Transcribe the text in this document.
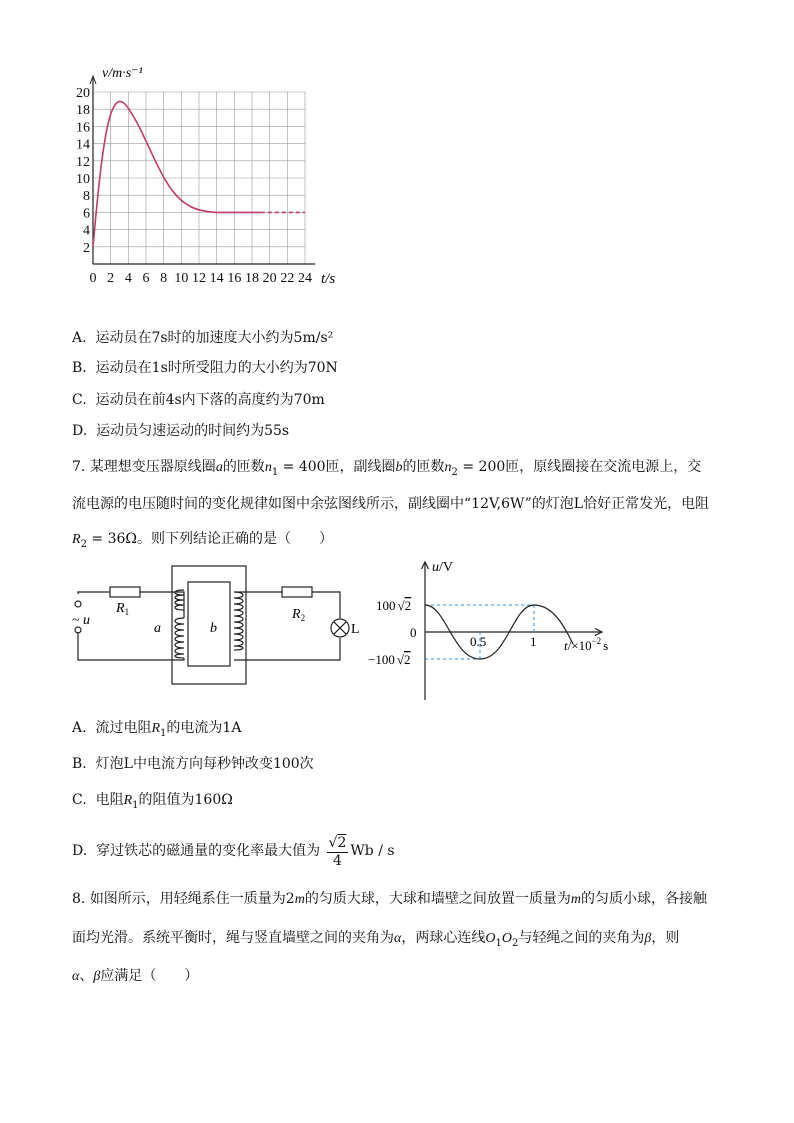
0 2 4 6 8 10 12 14 16 18 20 22 24
2
4
6
8
10
12
14
16
18
20
v/m·s⁻¹
t/s
A. 运动员在7s时的加速度大小约为5m/s²
B. 运动员在1s时所受阻力的大小约为70N
C. 运动员在前4s内下落的高度约为70m
D. 运动员匀速运动的时间约为55s
7. 某理想变压器原线圈a的匝数$n_1 = 400$匝，副线圈b的匝数$n_2 = 200$匝，原线圈接在交流电源上，交
流电源的电压随时间的变化规律如图中余弦图线所示，副线圈中“12V,6W”的灯泡L恰好正常发光，电阻
$R_2 = 36\Omega$。则下列结论正确的是（　　）
~ u
$R_1$	$R_2$
a	b	L
u/V
100 √2
−100 √2
0
0.5	1 $t/\times 10^{-2}$ s
A. 流过电阻$R_1$的电流为1A
B. 灯泡L中电流方向每秒钟改变100次
C. 电阻$R_1$的阻值为160Ω
D. 穿过铁芯的磁通量的变化率最大值为 $\frac{√2}{4}$ Wb / s
8. 如图所示，用轻绳系住一质量为2m的匀质大球，大球和墙壁之间放置一质量为m的匀质小球，各接触
面均光滑。系统平衡时，绳与竖直墙壁之间的夹角为α，两球心连线$O_1O_2$与轻绳之间的夹角为β，则
α、β应满足（　　）
